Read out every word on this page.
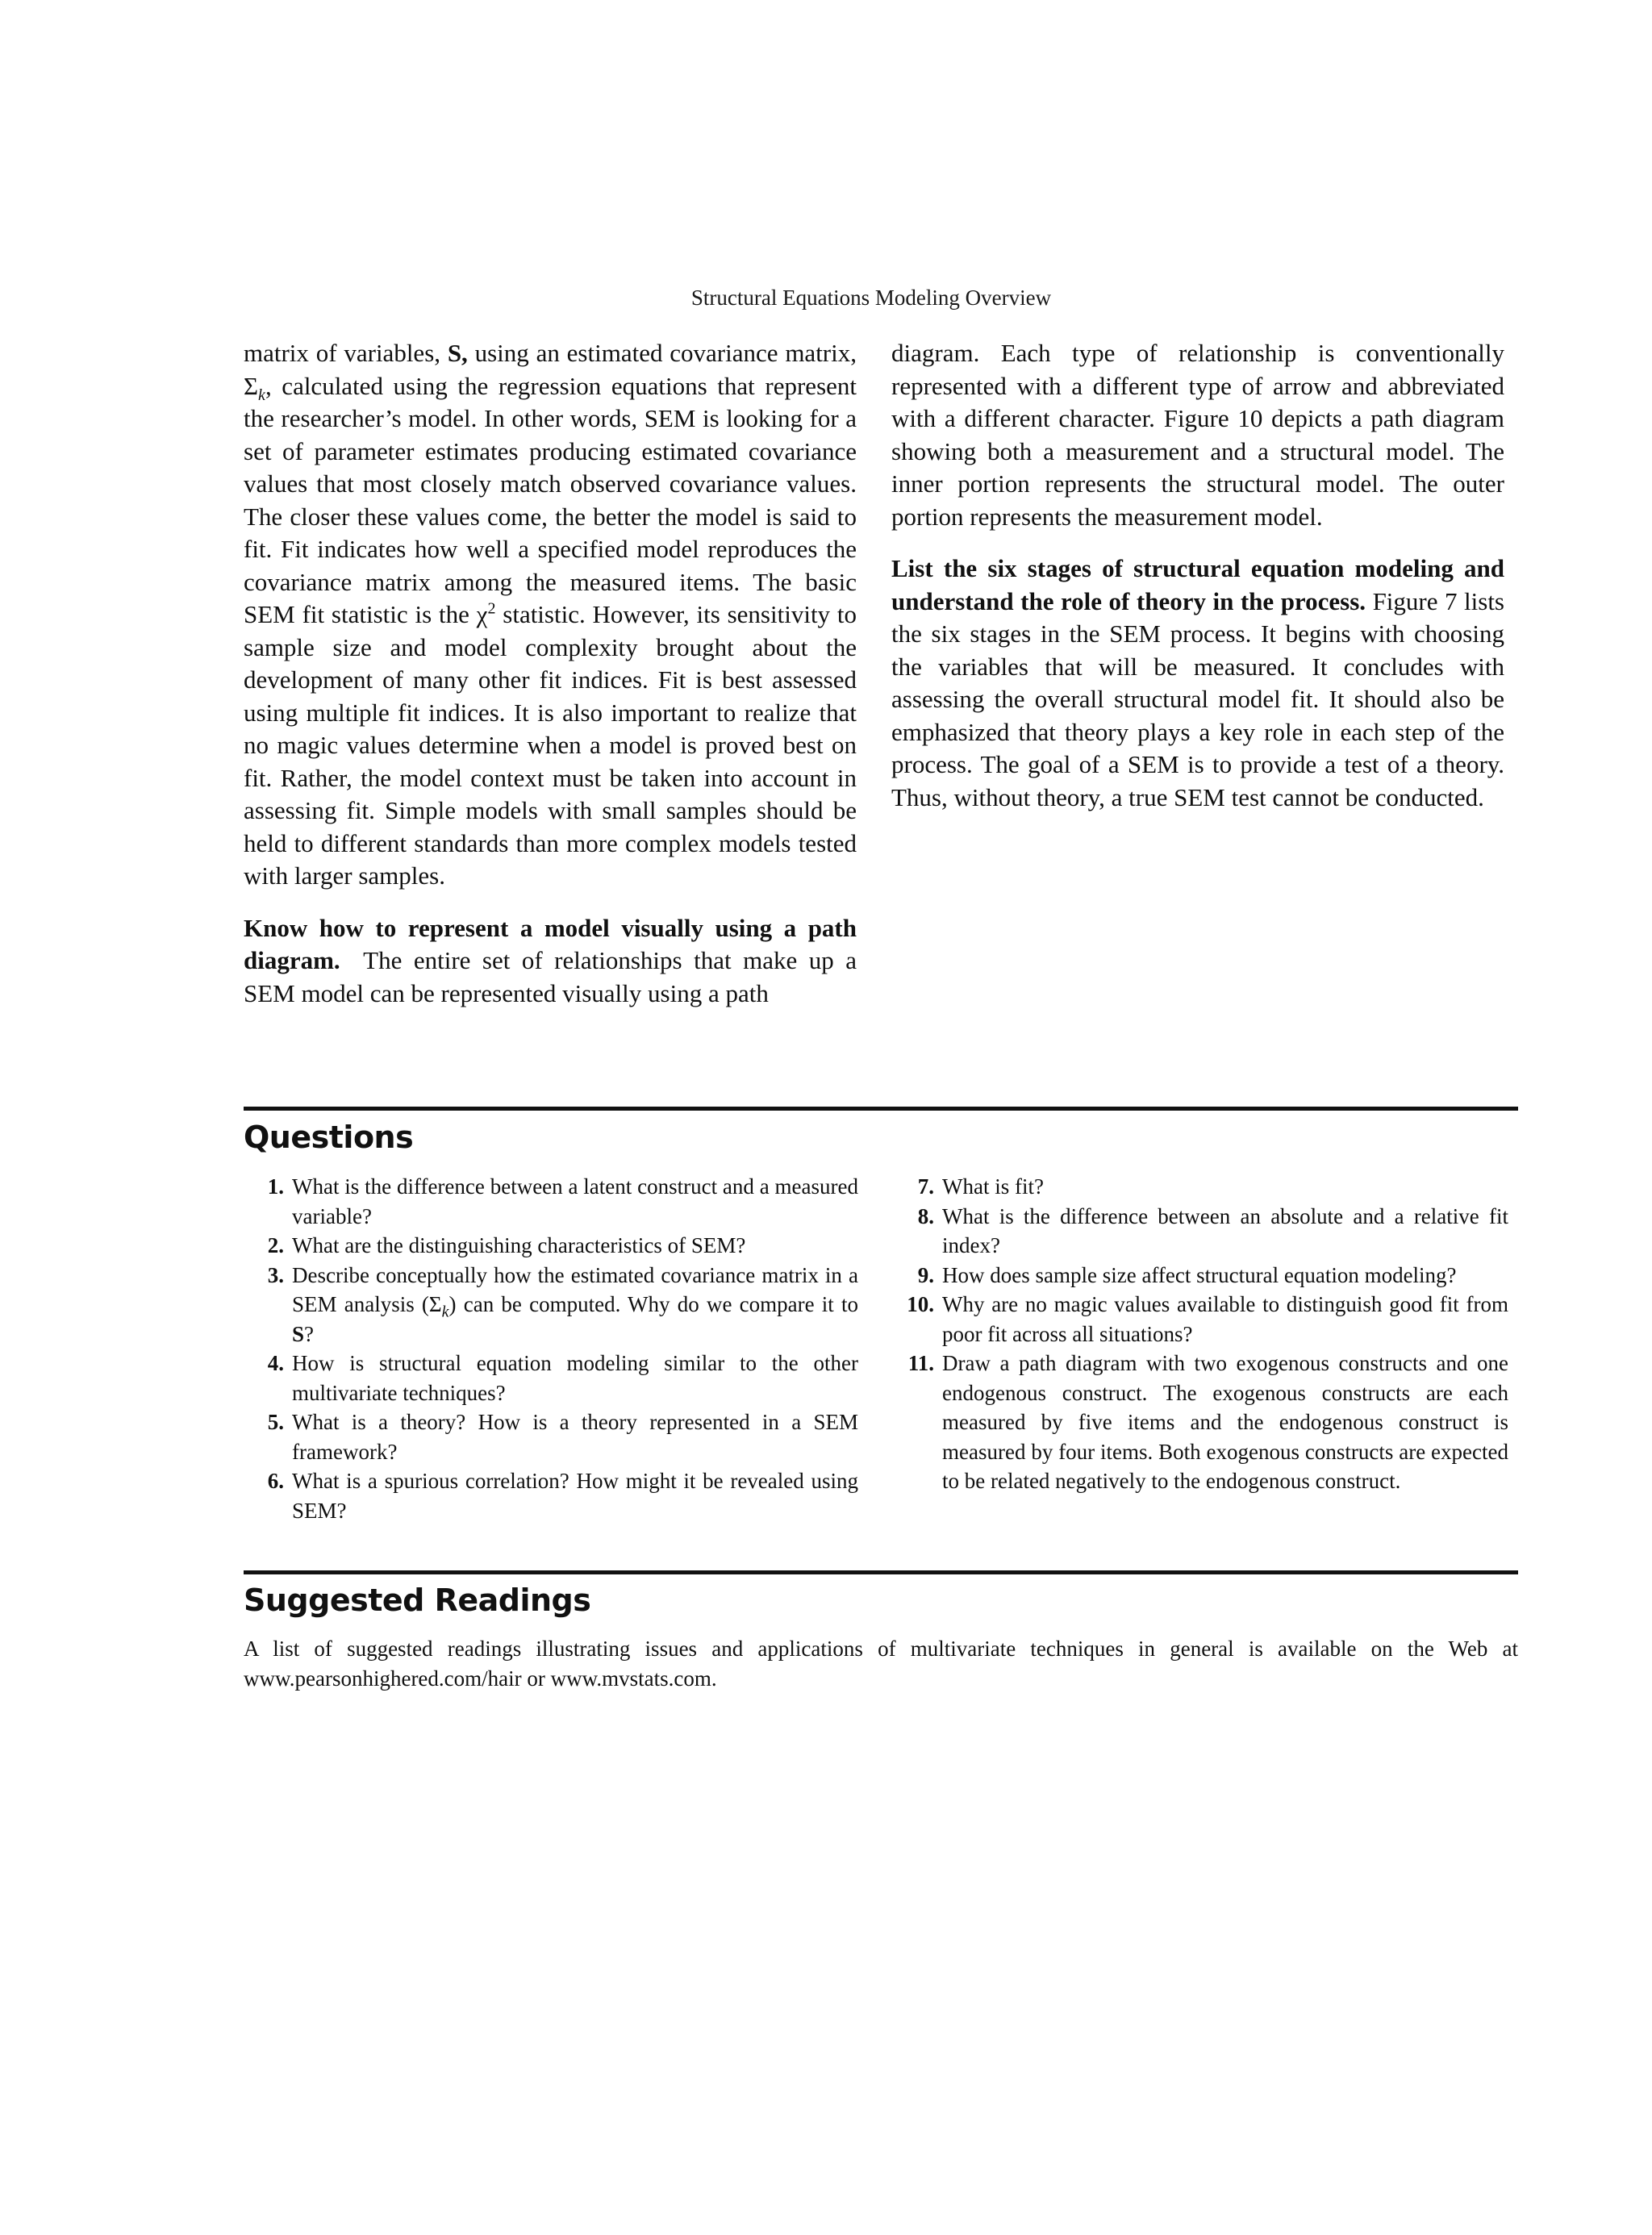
Structural Equations Modeling Overview

matrix of variables, S, using an estimated covariance matrix, $\Sigma_k$, calculated using the regression equations that represent the researcher’s model. In other words, SEM is looking for a set of parameter estimates producing estimated covariance values that most closely match observed covariance values. The closer these values come, the better the model is said to fit. Fit indicates how well a specified model reproduces the covariance matrix among the measured items. The basic SEM fit statistic is the $\chi^2$ statistic. However, its sensitivity to sample size and model complexity brought about the development of many other fit indices. Fit is best assessed using multiple fit indices. It is also important to realize that no magic values determine when a model is proved best on fit. Rather, the model context must be taken into account in assessing fit. Simple models with small samples should be held to different standards than more complex models tested with larger samples.

Know how to represent a model visually using a path diagram.  The entire set of relationships that make up a SEM model can be represented visually using a path

diagram. Each type of relationship is conventionally represented with a different type of arrow and abbreviated with a different character. Figure 10 depicts a path diagram showing both a measurement and a structural model. The inner portion represents the structural model. The outer portion represents the measurement model.

List the six stages of structural equation modeling and understand the role of theory in the process. Figure 7 lists the six stages in the SEM process. It begins with choosing the variables that will be measured. It concludes with assessing the overall structural model fit. It should also be emphasized that theory plays a key role in each step of the process. The goal of a SEM is to provide a test of a theory. Thus, without theory, a true SEM test cannot be conducted.

Questions
1. What is the difference between a latent construct and a measured variable?
2. What are the distinguishing characteristics of SEM?
3. Describe conceptually how the estimated covariance matrix in a SEM analysis $(\Sigma_k)$ can be computed. Why do we compare it to S?
4. How is structural equation modeling similar to the other multivariate techniques?
5. What is a theory? How is a theory represented in a SEM framework?
6. What is a spurious correlation? How might it be revealed using SEM?
7. What is fit?
8. What is the difference between an absolute and a relative fit index?
9. How does sample size affect structural equation modeling?
10. Why are no magic values available to distinguish good fit from poor fit across all situations?
11. Draw a path diagram with two exogenous constructs and one endogenous construct. The exogenous constructs are each measured by five items and the endogenous construct is measured by four items. Both exogenous constructs are expected to be related negatively to the endogenous construct.
Suggested Readings
A list of suggested readings illustrating issues and applications of multivariate techniques in general is available on the Web at www.pearsonhighered.com/hair or www.mvstats.com.
